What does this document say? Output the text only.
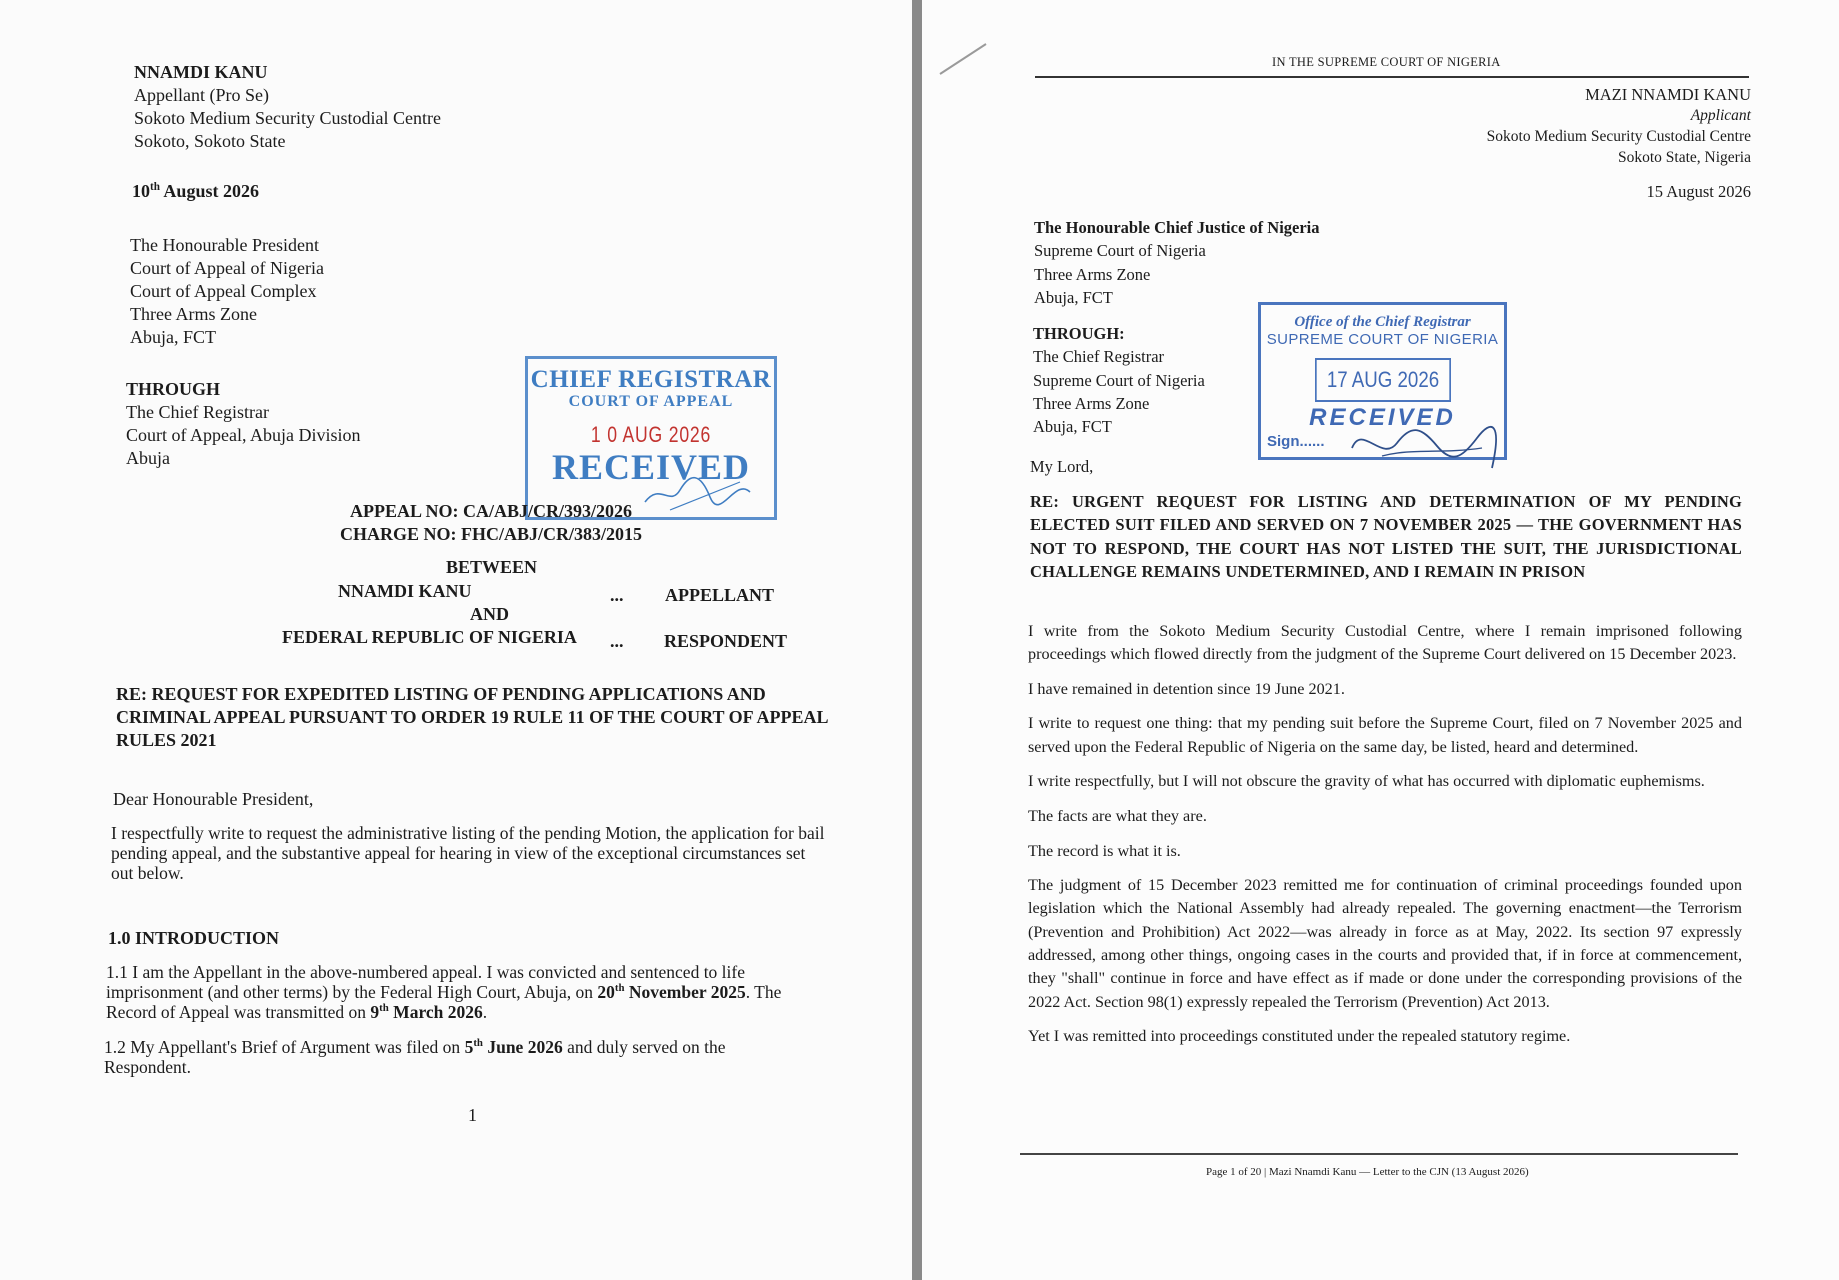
NNAMDI KANU
Appellant (Pro Se)
Sokoto Medium Security Custodial Centre
Sokoto, Sokoto State
10th August 2026
The Honourable President
Court of Appeal of Nigeria
Court of Appeal Complex
Three Arms Zone
Abuja, FCT
THROUGH
The Chief Registrar
Court of Appeal, Abuja Division
Abuja
CHIEF REGISTRAR
COURT OF APPEAL
1 0 AUG 2026
RECEIVED
APPEAL NO: CA/ABJ/CR/393/2026
CHARGE NO: FHC/ABJ/CR/383/2015
BETWEEN
NNAMDI KANU	... APPELLANT
AND
FEDERAL REPUBLIC OF NIGERIA ... RESPONDENT
RE: REQUEST FOR EXPEDITED LISTING OF PENDING APPLICATIONS AND
CRIMINAL APPEAL PURSUANT TO ORDER 19 RULE 11 OF THE COURT OF APPEAL
RULES 2021
Dear Honourable President,
I respectfully write to request the administrative listing of the pending Motion, the application for bail
pending appeal, and the substantive appeal for hearing in view of the exceptional circumstances set
out below.
1.0 INTRODUCTION
1.1 I am the Appellant in the above-numbered appeal. I was convicted and sentenced to life
imprisonment (and other terms) by the Federal High Court, Abuja, on 20th November 2025. The
Record of Appeal was transmitted on 9th March 2026.
1.2 My Appellant's Brief of Argument was filed on 5th June 2026 and duly served on the
Respondent.
1
IN THE SUPREME COURT OF NIGERIA
MAZI NNAMDI KANU
Applicant
Sokoto Medium Security Custodial Centre
Sokoto State, Nigeria
15 August 2026
The Honourable Chief Justice of Nigeria
Supreme Court of Nigeria
Three Arms Zone
Abuja, FCT
THROUGH:
The Chief Registrar
Supreme Court of Nigeria
Three Arms Zone
Abuja, FCT
Office of the Chief Registrar
SUPREME COURT OF NIGERIA
17 AUG 2026
RECEIVED
Sign......
My Lord,
RE: URGENT REQUEST FOR LISTING AND DETERMINATION OF MY PENDING ELECTED SUIT FILED AND SERVED ON 7 NOVEMBER 2025 — THE GOVERNMENT HAS NOT TO RESPOND, THE COURT HAS NOT LISTED THE SUIT, THE JURISDICTIONAL CHALLENGE REMAINS UNDETERMINED, AND I REMAIN IN PRISON

I write from the Sokoto Medium Security Custodial Centre, where I remain imprisoned following proceedings which flowed directly from the judgment of the Supreme Court delivered on 15 December 2023.

I have remained in detention since 19 June 2021.

I write to request one thing: that my pending suit before the Supreme Court, filed on 7 November 2025 and served upon the Federal Republic of Nigeria on the same day, be listed, heard and determined.

I write respectfully, but I will not obscure the gravity of what has occurred with diplomatic euphemisms.

The facts are what they are.

The record is what it is.

The judgment of 15 December 2023 remitted me for continuation of criminal proceedings founded upon legislation which the National Assembly had already repealed. The governing enactment—the Terrorism (Prevention and Prohibition) Act 2022—was already in force as at May, 2022. Its section 97 expressly addressed, among other things, ongoing cases in the courts and provided that, if in force at commencement, they "shall" continue in force and have effect as if made or done under the corresponding provisions of the 2022 Act. Section 98(1) expressly repealed the Terrorism (Prevention) Act 2013.

Yet I was remitted into proceedings constituted under the repealed statutory regime.

Page 1 of 20 | Mazi Nnamdi Kanu — Letter to the CJN (13 August 2026)
